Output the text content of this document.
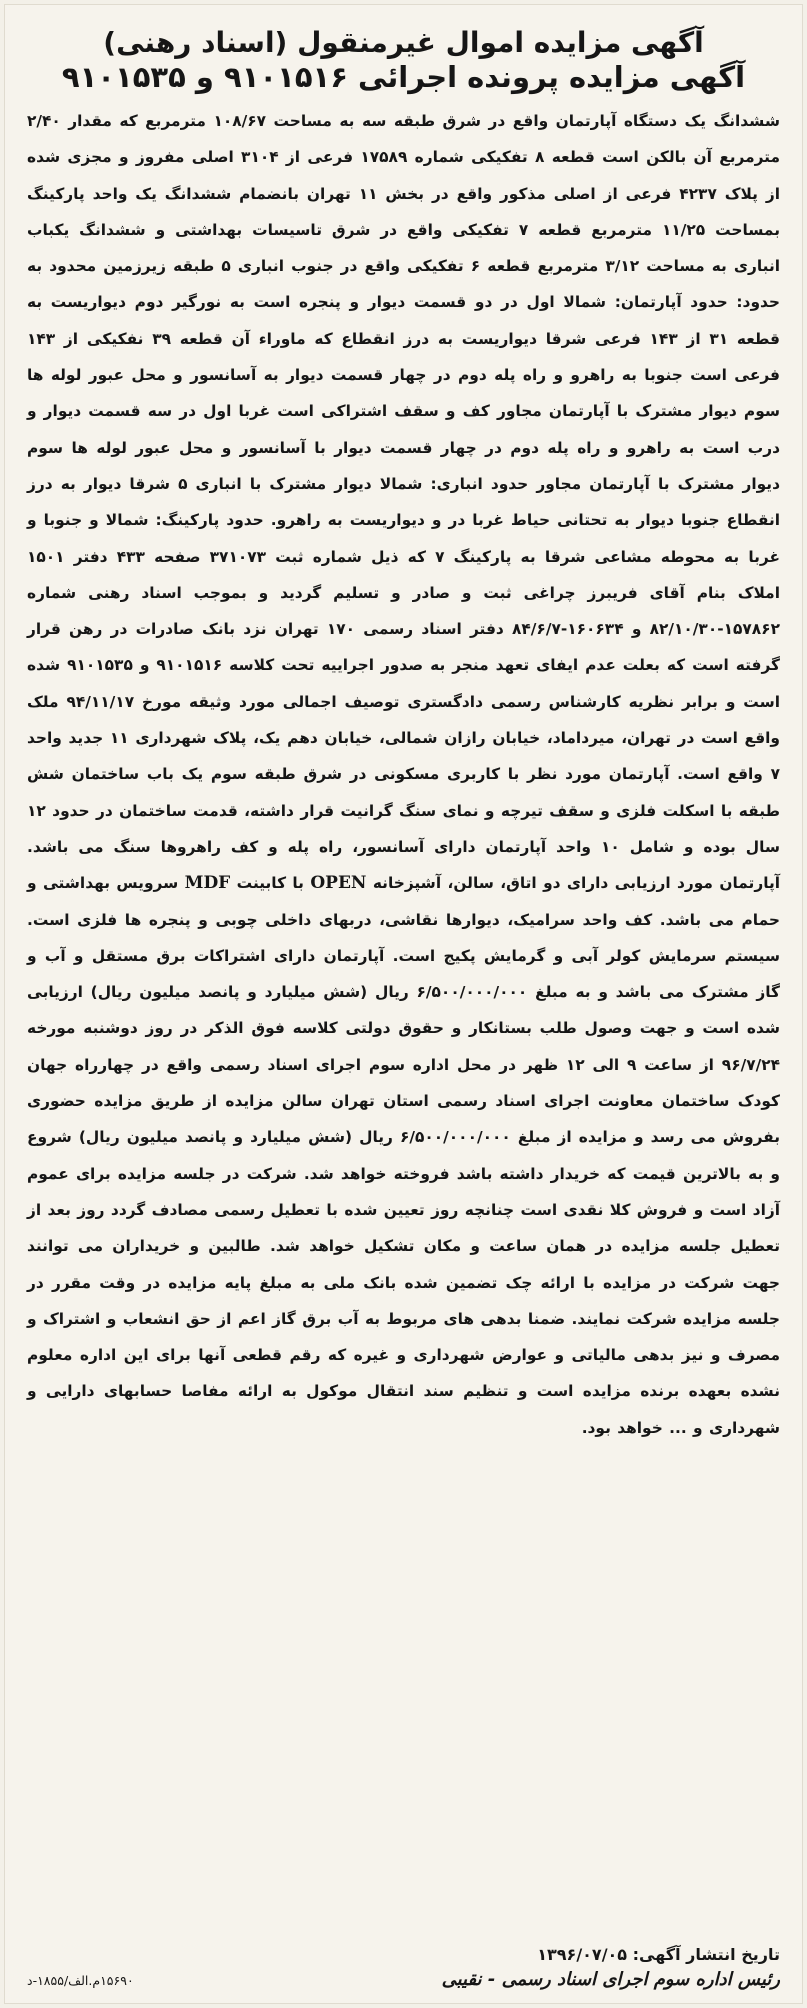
آگهی مزایده اموال غیرمنقول (اسناد رهنی)
آگهی مزایده پرونده اجرائی ۹۱۰۱۵۱۶ و ۹۱۰۱۵۳۵
ششدانگ یک دستگاه آپارتمان واقع در شرق طبقه سه به مساحت ۱۰۸/۶۷ مترمربع که مقدار ۲/۴۰ مترمربع آن بالکن است قطعه ۸ تفکیکی شماره ۱۷۵۸۹ فرعی از ۳۱۰۴ اصلی مفروز و مجزی شده از پلاک ۴۲۳۷ فرعی از اصلی مذکور واقع در بخش ۱۱ تهران بانضمام ششدانگ یک واحد پارکینگ بمساحت ۱۱/۲۵ مترمربع قطعه ۷ تفکیکی واقع در شرق تاسیسات بهداشتی و ششدانگ یکباب انباری به مساحت ۳/۱۲ مترمربع قطعه ۶ تفکیکی واقع در جنوب انباری ۵ طبقه زیرزمین محدود به حدود: حدود آپارتمان: شمالا اول در دو قسمت دیوار و پنجره است به نورگیر دوم دیواریست به قطعه ۳۱ از ۱۴۳ فرعی شرقا دیواریست به درز انقطاع که ماوراء آن قطعه ۳۹ نفکیکی از ۱۴۳ فرعی است جنوبا به راهرو و راه پله دوم در چهار قسمت دیوار به آسانسور و محل عبور لوله ها سوم دیوار مشترک با آپارتمان مجاور کف و سقف اشتراکی است غربا اول در سه قسمت دیوار و درب است به راهرو و راه پله دوم در چهار قسمت دیوار با آسانسور و محل عبور لوله ها سوم دیوار مشترک با آپارتمان مجاور حدود انباری: شمالا دیوار مشترک با انباری ۵ شرقا دیوار به درز انقطاع جنوبا دیوار به تحتانی حیاط غربا در و دیواریست به راهرو. حدود پارکینگ: شمالا و جنوبا و غربا به محوطه مشاعی شرقا به پارکینگ ۷ که ذیل شماره ثبت ۳۷۱۰۷۳ صفحه ۴۳۳ دفتر ۱۵۰۱ املاک بنام آقای فریبرز چراغی ثبت و صادر و تسلیم گردید و بموجب اسناد رهنی شماره ۱۵۷۸۶۲-۸۲/۱۰/۳۰ و ۱۶۰۶۳۴-۸۴/۶/۷ دفتر اسناد رسمی ۱۷۰ تهران نزد بانک صادرات در رهن قرار گرفته است که بعلت عدم ایفای تعهد منجر به صدور اجراییه تحت کلاسه ۹۱۰۱۵۱۶ و ۹۱۰۱۵۳۵ شده است و برابر نظریه کارشناس رسمی دادگستری توصیف اجمالی مورد وثیقه مورخ ۹۴/۱۱/۱۷ ملک واقع است در تهران، میرداماد، خیابان رازان شمالی، خیابان دهم یک، پلاک شهرداری ۱۱ جدید واحد ۷ واقع است. آپارتمان مورد نظر با کاربری مسکونی در شرق طبقه سوم یک باب ساختمان شش طبقه با اسکلت فلزی و سقف تیرچه و نمای سنگ گرانیت قرار داشته، قدمت ساختمان در حدود ۱۲ سال بوده و شامل ۱۰ واحد آپارتمان دارای آسانسور، راه پله و کف راهروها سنگ می باشد. آپارتمان مورد ارزیابی دارای دو اتاق، سالن، آشپزخانه OPEN با کابینت MDF سرویس بهداشتی و حمام می باشد. کف واحد سرامیک، دیوارها نقاشی، دربهای داخلی چوبی و پنجره ها فلزی است. سیستم سرمایش کولر آبی و گرمایش پکیج است. آپارتمان دارای اشتراکات برق مستقل و آب و گاز مشترک می باشد و به مبلغ ۶/۵۰۰/۰۰۰/۰۰۰ ریال (شش میلیارد و پانصد میلیون ریال) ارزیابی شده است و جهت وصول طلب بستانکار و حقوق دولتی کلاسه فوق الذکر در روز دوشنبه مورخه ۹۶/۷/۲۴ از ساعت ۹ الی ۱۲ ظهر در محل اداره سوم اجرای اسناد رسمی واقع در چهارراه جهان کودک ساختمان معاونت اجرای اسناد رسمی استان تهران سالن مزایده از طریق مزایده حضوری بفروش می رسد و مزایده از مبلغ ۶/۵۰۰/۰۰۰/۰۰۰ ریال (شش میلیارد و پانصد میلیون ریال) شروع و به بالاترین قیمت که خریدار داشته باشد فروخته خواهد شد. شرکت در جلسه مزایده برای عموم آزاد است و فروش کلا نقدی است چنانچه روز تعیین شده با تعطیل رسمی مصادف گردد روز بعد از تعطیل جلسه مزایده در همان ساعت و مکان تشکیل خواهد شد. طالبین و خریداران می توانند جهت شرکت در مزایده با ارائه چک تضمین شده بانک ملی به مبلغ پایه مزایده در وقت مقرر در جلسه مزایده شرکت نمایند. ضمنا بدهی های مربوط به آب برق گاز اعم از حق انشعاب و اشتراک و مصرف و نیز بدهی مالیاتی و عوارض شهرداری و غیره که رقم قطعی آنها برای این اداره معلوم نشده بعهده برنده مزایده است و تنظیم سند انتقال موکول به ارائه مفاصا حسابهای دارایی و شهرداری و ... خواهد بود.
تاریخ انتشار آگهی: ۱۳۹۶/۰۷/۰۵
رئیس اداره سوم اجرای اسناد رسمی - نقیبی
۱۵۶۹۰م.الف/۱۸۵۵-د
